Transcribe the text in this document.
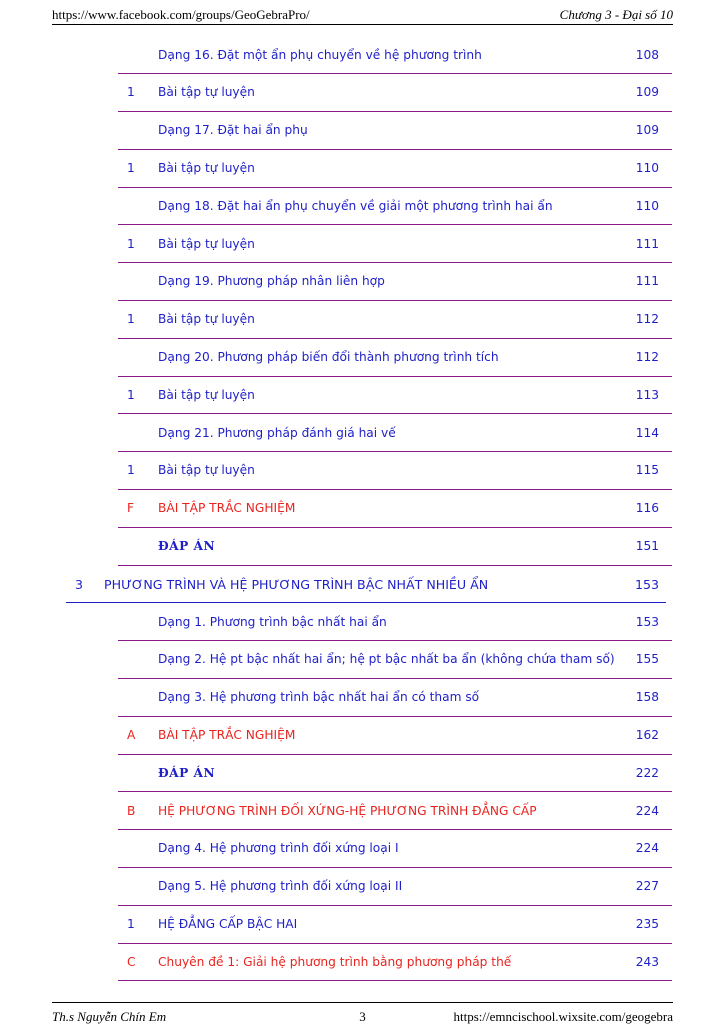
https://www.facebook.com/groups/GeoGebraPro/	Chương 3 - Đại số 10
Dạng 16. Đặt một ẩn phụ chuyển về hệ phương trình	108
1 Bài tập tự luyện	109
Dạng 17. Đặt hai ẩn phụ	109
1 Bài tập tự luyện	110
Dạng 18. Đặt hai ẩn phụ chuyển về giải một phương trình hai ẩn	110
1 Bài tập tự luyện	111
Dạng 19. Phương pháp nhân liên hợp	111
1 Bài tập tự luyện	112
Dạng 20. Phương pháp biến đổi thành phương trình tích	112
1 Bài tập tự luyện	113
Dạng 21. Phương pháp đánh giá hai vế	114
1 Bài tập tự luyện	115
F BÀI TẬP TRẮC NGHIỆM	116
ĐÁP ÁN	151
3 PHƯƠNG TRÌNH VÀ HỆ PHƯƠNG TRÌNH BẬC NHẤT NHIỀU ẨN	153
Dạng 1. Phương trình bậc nhất hai ẩn	153
Dạng 2. Hệ pt bậc nhất hai ẩn; hệ pt bậc nhất ba ẩn (không chứa tham số) 155
Dạng 3. Hệ phương trình bậc nhất hai ẩn có tham số	158
A BÀI TẬP TRẮC NGHIỆM	162
ĐÁP ÁN	222
B HỆ PHƯƠNG TRÌNH ĐỐI XỨNG-HỆ PHƯƠNG TRÌNH ĐẲNG CẤP	224
Dạng 4. Hệ phương trình đối xứng loại I	224
Dạng 5. Hệ phương trình đối xứng loại II	227
1 HỆ ĐẲNG CẤP BẬC HAI	235
C Chuyên đề 1: Giải hệ phương trình bằng phương pháp thế	243
Th.s Nguyễn Chín Em	3	https://emncischool.wixsite.com/geogebra
